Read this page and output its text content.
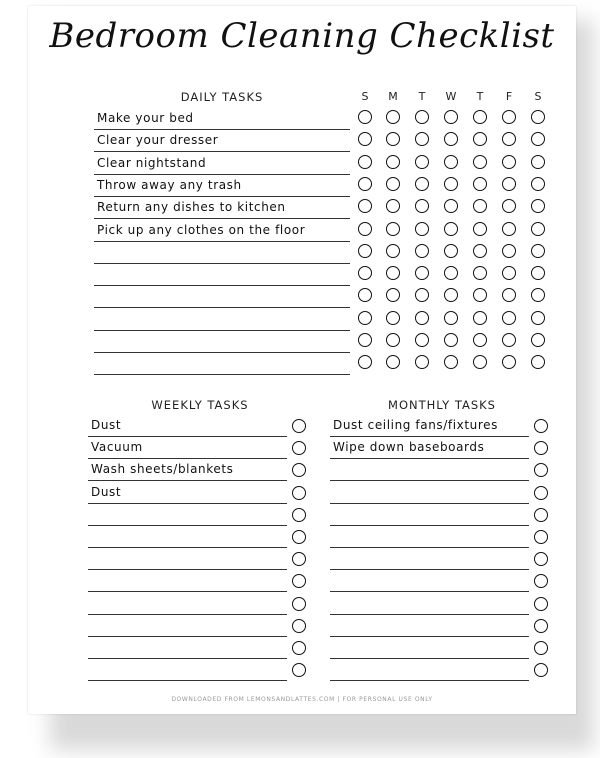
Bedroom Cleaning Checklist
DAILY TASKS	S	M	T	W	T	F	S
Make your bed
Clear your dresser
Clear nightstand
Throw away any trash
Return any dishes to kitchen
Pick up any clothes on the floor
WEEKLY TASKS
Dust
Vacuum
Wash sheets/blankets
Dust
MONTHLY TASKS
Dust ceiling fans/fixtures
Wipe down baseboards
DOWNLOADED FROM LEMONSANDLATTES.COM | FOR PERSONAL USE ONLY
